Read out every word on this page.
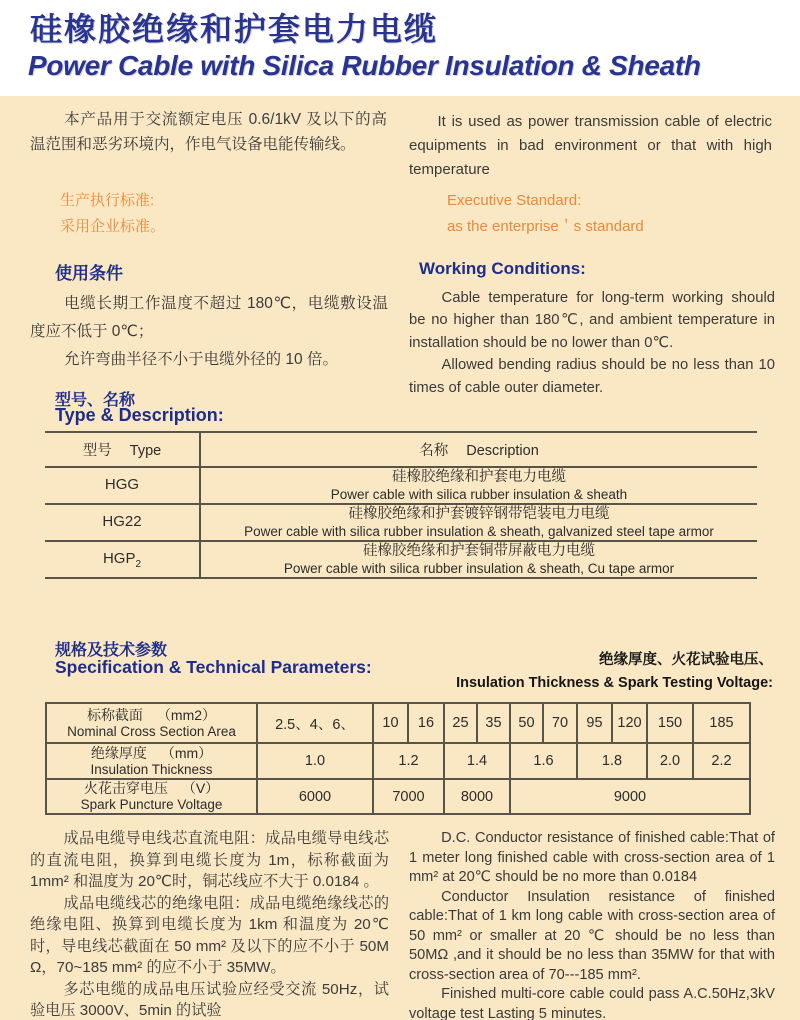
硅橡胶绝缘和护套电力电缆
Power Cable with Silica Rubber Insulation & Sheath

本产品用于交流额定电压 0.6/1kV 及以下的高温范围和恶劣环境内，作电气设备电能传输线。

It is used as power transmission cable of electric equipments in bad environment or that with high temperature

生产执行标准:
采用企业标准。
Executive Standard:
as the enterprise＇s standard
使用条件	Working Conditions:

电缆长期工作温度不超过 180℃，电缆敷设温度应不低于 0℃；

允许弯曲半径不小于电缆外径的 10 倍。

Cable temperature for long-term working should be no higher than 180℃, and ambient temperature in installation should be no lower than 0℃.

Allowed bending radius should be no less than 10 times of cable outer diameter.

型号、名称
Type & Description:
型号 Type	名称 Description

HGG	硅橡胶绝缘和护套电力电缆
Power cable with silica rubber insulation & sheath

HG22	硅橡胶绝缘和护套镀锌钢带铠装电力电缆
Power cable with silica rubber insulation & sheath, galvanized steel tape armor

$HGP_2$	硅橡胶绝缘和护套铜带屏蔽电力电缆
Power cable with silica rubber insulation & sheath, Cu tape armor
规格及技术参数
Specification & Technical Parameters:	绝缘厚度、火花试验电压、
Insulation Thickness & Spark Testing Voltage:
标称截面 （mm2）
Nominal Cross Section Area	2.5、4、6、	10	16	25	35	50	70	95	120	150	185

绝缘厚度 （mm）
Insulation Thickness	1.0	1.2		1.4		1.6		1.8		2.0	2.2

火花击穿电压 （V）
Spark Puncture Voltage	6000	7000		8000		9000					

成品电缆导电线芯直流电阻：成品电缆导电线芯的直流电阻，换算到电缆长度为 1m，标称截面为 1mm² 和温度为 20℃时，铜芯线应不大于 0.0184 。

成品电缆线芯的绝缘电阻：成品电缆绝缘线芯的绝缘电阻、换算到电缆长度为 1km 和温度为 20℃时，导电线芯截面在 50 mm² 及以下的应不小于 50M Ω，70~185 mm² 的应不小于 35MW。

多芯电缆的成品电压试验应经受交流 50Hz，试验电压 3000V、5min 的试验

D.C. Conductor resistance of finished cable:That of 1 meter long finished cable with cross-section area of 1 mm² at 20℃ should be no more than 0.0184

Conductor Insulation resistance of finished cable:That of 1 km long cable with cross-section area of 50 mm² or smaller at 20 ℃ should be no less than 50MΩ ,and it should be no less than 35MW for that with cross-section area of 70---185 mm².

Finished multi-core cable could pass A.C.50Hz,3kV voltage test Lasting 5 minutes.
